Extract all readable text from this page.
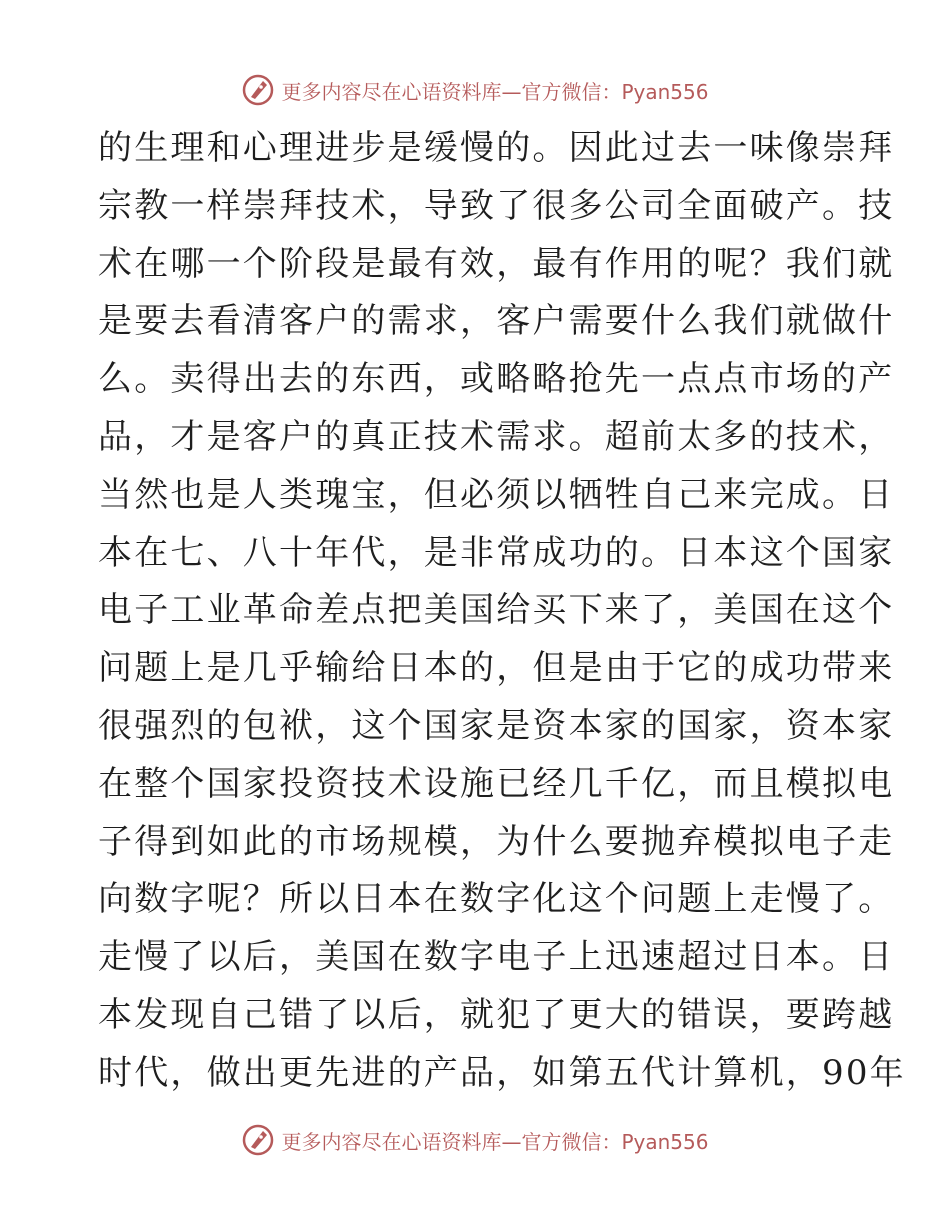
更多内容尽在心语资料库—官方微信：Pyan556
的生理和心理进步是缓慢的。因此过去一味像崇拜
宗教一样崇拜技术，导致了很多公司全面破产。技
术在哪一个阶段是最有效，最有作用的呢？我们就
是要去看清客户的需求，客户需要什么我们就做什
么。卖得出去的东西，或略略抢先一点点市场的产
品，才是客户的真正技术需求。超前太多的技术，
当然也是人类瑰宝，但必须以牺牲自己来完成。日
本在七、八十年代，是非常成功的。日本这个国家
电子工业革命差点把美国给买下来了，美国在这个
问题上是几乎输给日本的，但是由于它的成功带来
很强烈的包袱，这个国家是资本家的国家，资本家
在整个国家投资技术设施已经几千亿，而且模拟电
子得到如此的市场规模，为什么要抛弃模拟电子走
向数字呢？所以日本在数字化这个问题上走慢了。
走慢了以后，美国在数字电子上迅速超过日本。日
本发现自己错了以后，就犯了更大的错误，要跨越
时代，做出更先进的产品，如第五代计算机，90年
更多内容尽在心语资料库—官方微信：Pyan556
